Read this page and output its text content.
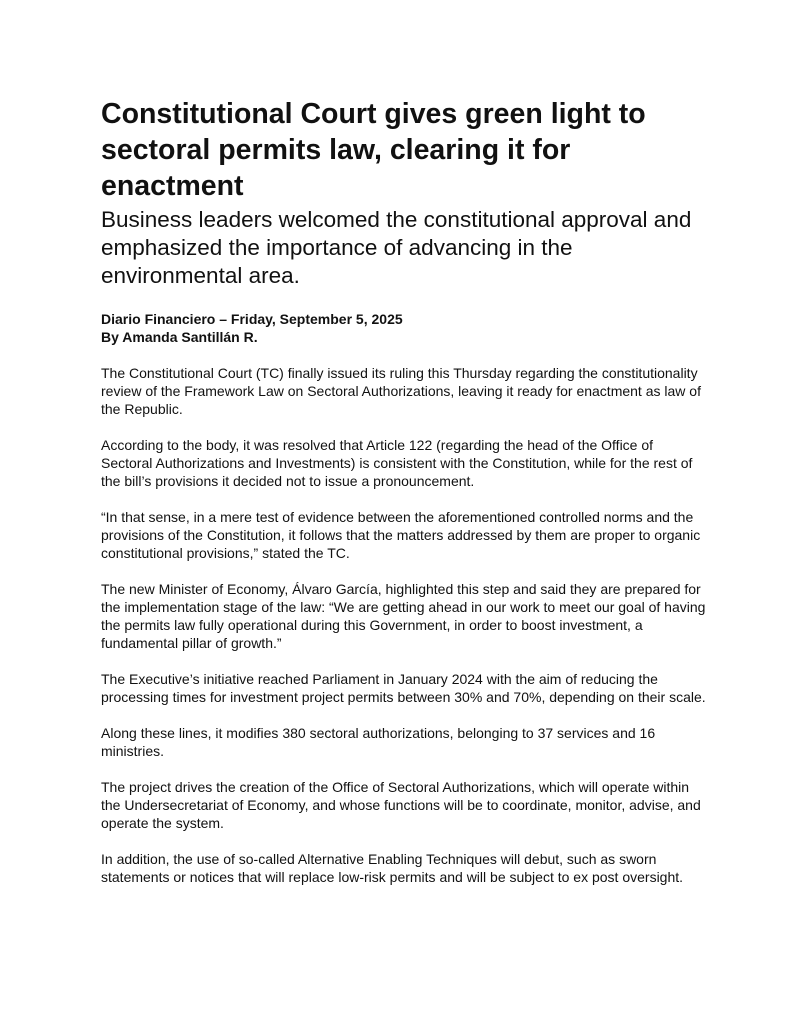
Constitutional Court gives green light to sectoral permits law, clearing it for enactment
Business leaders welcomed the constitutional approval and emphasized the importance of advancing in the environmental area.
Diario Financiero – Friday, September 5, 2025
By Amanda Santillán R.

The Constitutional Court (TC) finally issued its ruling this Thursday regarding the constitutionality review of the Framework Law on Sectoral Authorizations, leaving it ready for enactment as law of the Republic.

According to the body, it was resolved that Article 122 (regarding the head of the Office of Sectoral Authorizations and Investments) is consistent with the Constitution, while for the rest of the bill’s provisions it decided not to issue a pronouncement.

“In that sense, in a mere test of evidence between the aforementioned controlled norms and the provisions of the Constitution, it follows that the matters addressed by them are proper to organic constitutional provisions,” stated the TC.

The new Minister of Economy, Álvaro García, highlighted this step and said they are prepared for the implementation stage of the law: “We are getting ahead in our work to meet our goal of having the permits law fully operational during this Government, in order to boost investment, a fundamental pillar of growth.”

The Executive’s initiative reached Parliament in January 2024 with the aim of reducing the processing times for investment project permits between 30% and 70%, depending on their scale.

Along these lines, it modifies 380 sectoral authorizations, belonging to 37 services and 16 ministries.

The project drives the creation of the Office of Sectoral Authorizations, which will operate within the Undersecretariat of Economy, and whose functions will be to coordinate, monitor, advise, and operate the system.

In addition, the use of so-called Alternative Enabling Techniques will debut, such as sworn statements or notices that will replace low-risk permits and will be subject to ex post oversight.
